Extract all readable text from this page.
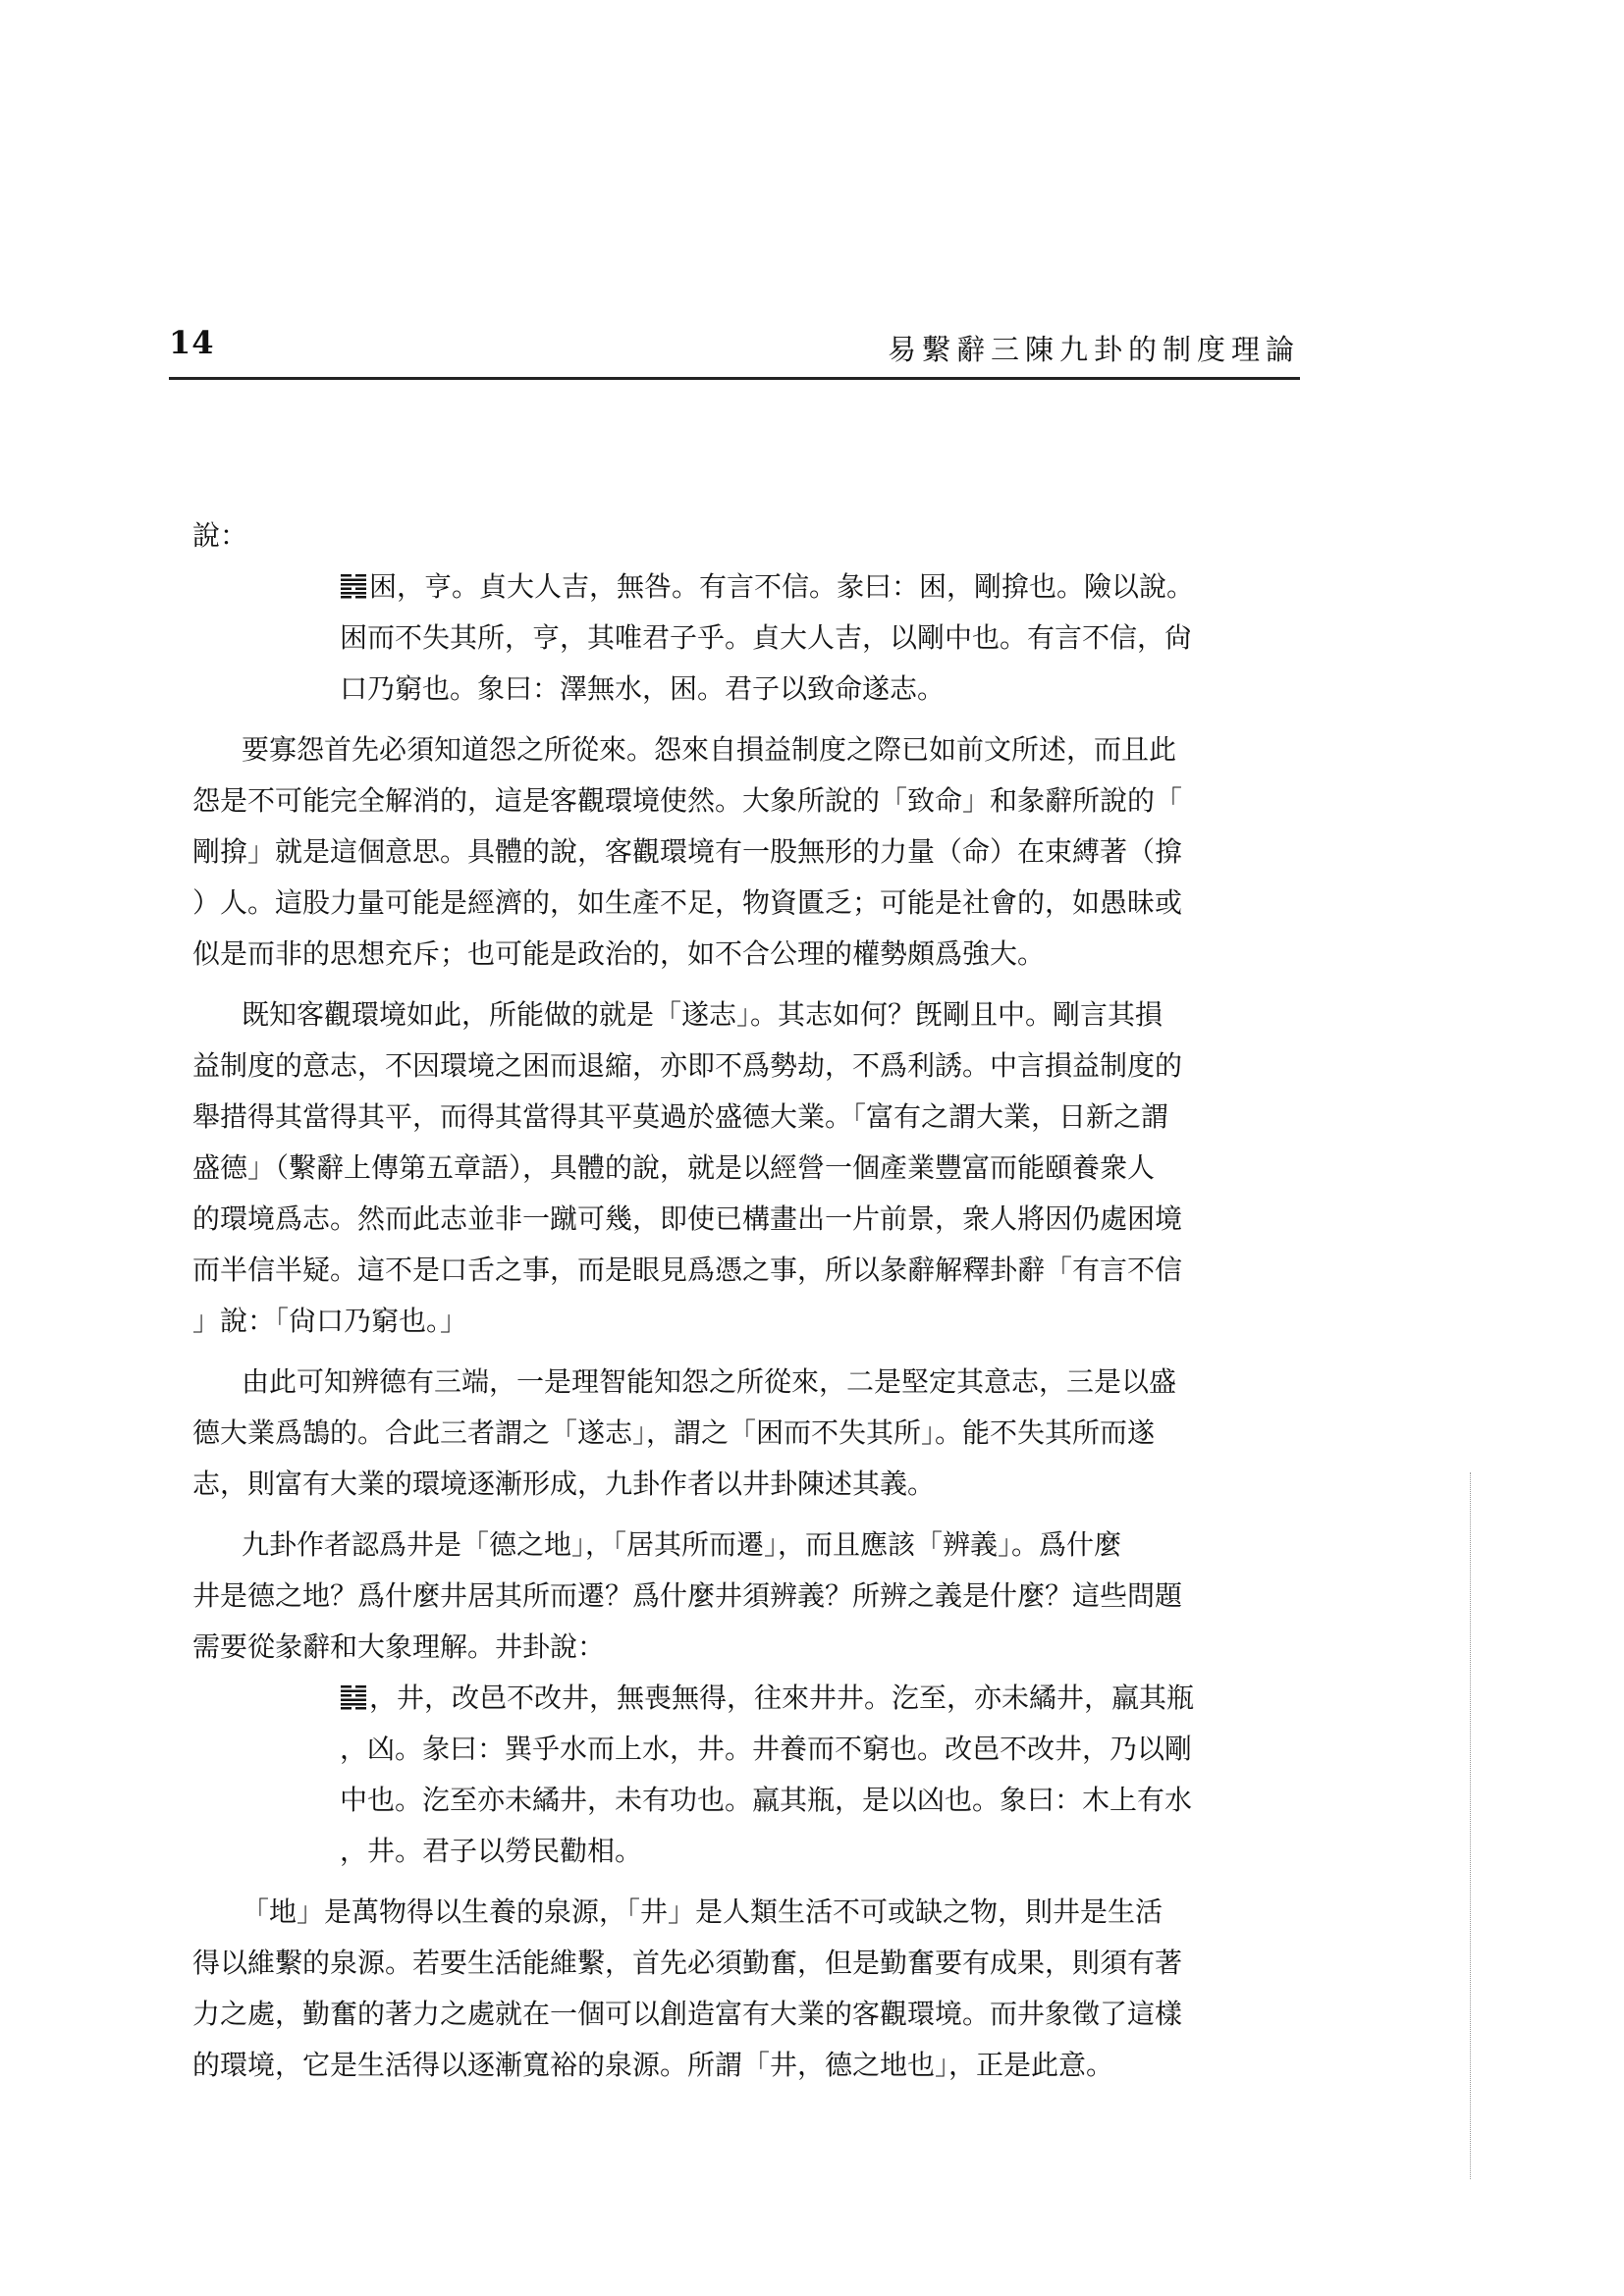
14	易繫辭三陳九卦的制度理論
說：
困，亨。貞大人吉，無咎。有言不信。彖曰：困，剛揜也。險以說。
困而不失其所，亨，其唯君子乎。貞大人吉，以剛中也。有言不信，尙
口乃窮也。象曰：澤無水，困。君子以致命遂志。
要寡怨首先必須知道怨之所從來。怨來自損益制度之際已如前文所述，而且此
怨是不可能完全解消的，這是客觀環境使然。大象所說的「致命」和彖辭所說的「
剛揜」就是這個意思。具體的說，客觀環境有一股無形的力量（命）在束縛著（揜
）人。這股力量可能是經濟的，如生產不足，物資匱乏；可能是社會的，如愚昧或
似是而非的思想充斥；也可能是政治的，如不合公理的權勢頗爲強大。
既知客觀環境如此，所能做的就是「遂志」。其志如何？旣剛且中。剛言其損
益制度的意志，不因環境之困而退縮，亦即不爲勢劫，不爲利誘。中言損益制度的
舉措得其當得其平，而得其當得其平莫過於盛德大業。「富有之謂大業，日新之謂
盛德」（繫辭上傳第五章語），具體的說，就是以經營一個產業豐富而能頤養衆人
的環境爲志。然而此志並非一蹴可幾，即使已構畫出一片前景，衆人將因仍處困境
而半信半疑。這不是口舌之事，而是眼見爲憑之事，所以彖辭解釋卦辭「有言不信
」說：「尙口乃窮也。」
由此可知辨德有三端，一是理智能知怨之所從來，二是堅定其意志，三是以盛
德大業爲鵠的。合此三者謂之「遂志」，謂之「困而不失其所」。能不失其所而遂
志，則富有大業的環境逐漸形成，九卦作者以井卦陳述其義。
九卦作者認爲井是「德之地」，「居其所而遷」，而且應該「辨義」。爲什麼
井是德之地？爲什麼井居其所而遷？爲什麼井須辨義？所辨之義是什麼？這些問題
需要從彖辭和大象理解。井卦說：
，井，改邑不改井，無喪無得，往來井井。汔至，亦未繘井，羸其瓶
，凶。彖曰：巽乎水而上水，井。井養而不窮也。改邑不改井，乃以剛
中也。汔至亦未繘井，未有功也。羸其瓶，是以凶也。象曰：木上有水
，井。君子以勞民勸相。
「地」是萬物得以生養的泉源，「井」是人類生活不可或缺之物，則井是生活
得以維繫的泉源。若要生活能維繫，首先必須勤奮，但是勤奮要有成果，則須有著
力之處，勤奮的著力之處就在一個可以創造富有大業的客觀環境。而井象徵了這樣
的環境，它是生活得以逐漸寬裕的泉源。所謂「井，德之地也」，正是此意。
